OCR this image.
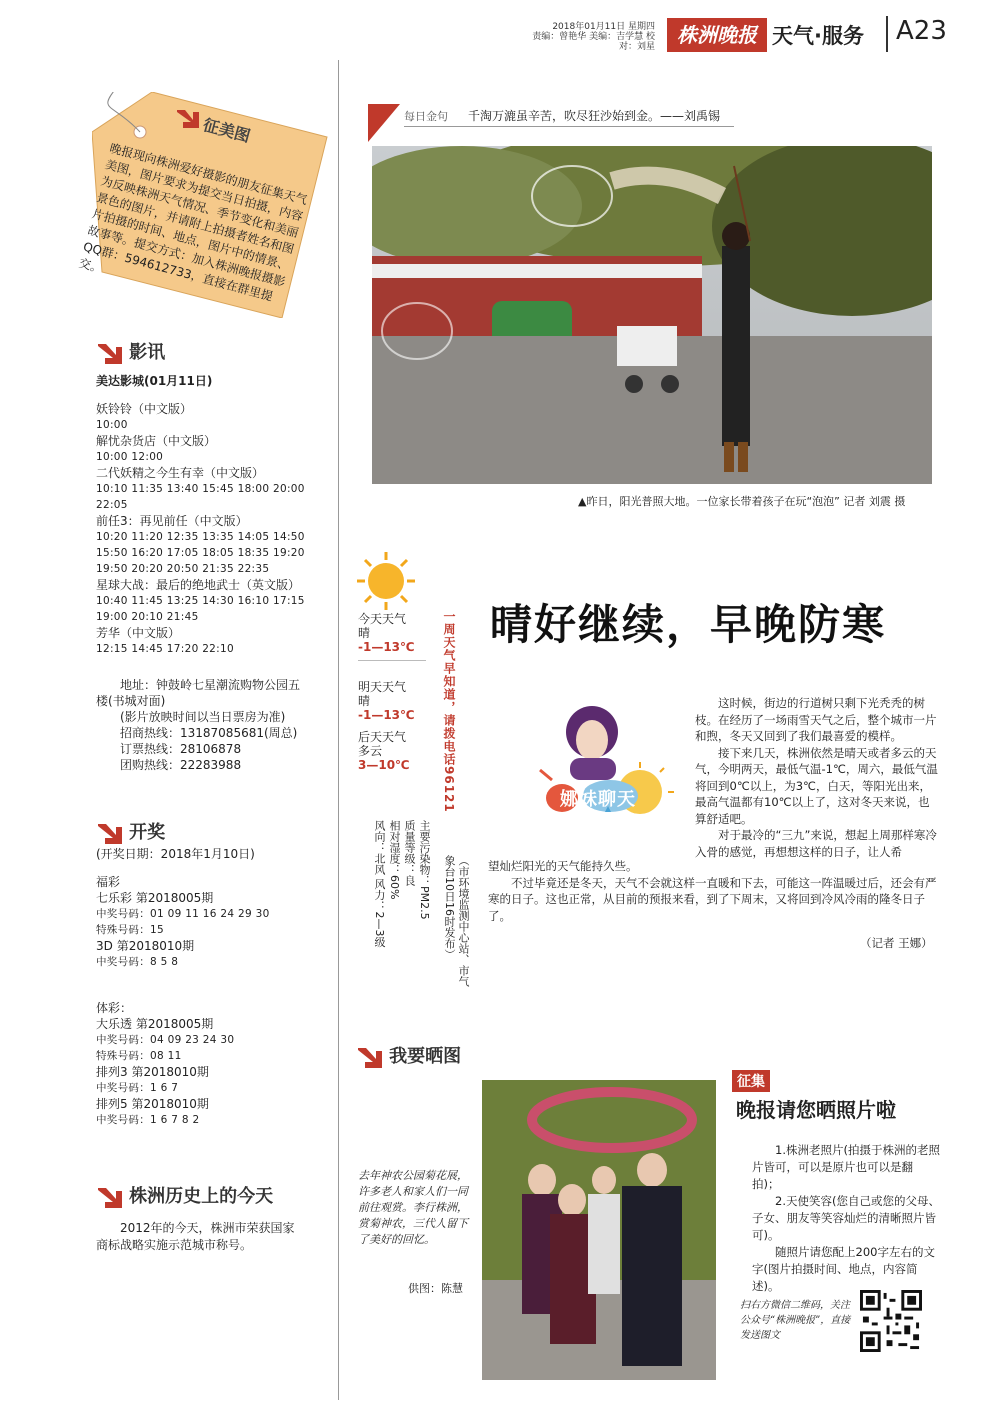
2018年01月11日 星期四
责编：曾艳华 美编：吉学慧 校对：刘星	株洲晚报 天气·服务 A23
征美图
晚报现向株洲爱好摄影的朋友征集天气美图，图片要求为提交当日拍摄，内容为反映株洲天气情况、季节变化和美丽景色的图片，并请附上拍摄者姓名和图片拍摄的时间、地点，图片中的情景、故事等。提交方式：加入株洲晚报摄影QQ群：594612733，直接在群里提交。
影讯
美达影城(01月11日)
妖铃铃（中文版）
10:00
解忧杂货店（中文版）
10:00 12:00
二代妖精之今生有幸（中文版）
10:10 11:35 13:40 15:45 18:00 20:00 22:05
前任3：再见前任（中文版）
10:20 11:20 12:35 13:35 14:05 14:50 15:50 16:20 17:05 18:05 18:35 19:20 19:50 20:20 20:50 21:35 22:35
星球大战：最后的绝地武士（英文版）
10:40 11:45 13:25 14:30 16:10 17:15 19:00 20:10 21:45
芳华（中文版）
12:15 14:45 17:20 22:10
地址：钟鼓岭七星潮流购物公园五楼(书城对面)
(影片放映时间以当日票房为准)
招商热线：13187085681(周总)
订票热线：28106878
团购热线：22283988
开奖
(开奖日期：2018年1月10日)
福彩
七乐彩 第2018005期
中奖号码：01 09 11 16 24 29 30
特殊号码：15
3D 第2018010期
中奖号码：8 5 8
体彩：
大乐透 第2018005期
中奖号码：04 09 23 24 30
特殊号码：08 11
排列3 第2018010期
中奖号码：1 6 7
排列5 第2018010期
中奖号码：1 6 7 8 2
株洲历史上的今天
2012年的今天，株洲市荣获国家商标战略实施示范城市称号。
每日金句 千淘万漉虽辛苦，吹尽狂沙始到金。——刘禹锡
▲昨日，阳光普照大地。一位家长带着孩子在玩“泡泡” 记者 刘震 摄
今天天气
晴
-1—13℃
明天天气
晴
-1—13℃
后天天气
多云
3—10℃	一周天气早知道，请拨电话96121
（市环境监测中心站、市气象台10日16时发布）
主要污染物：PM2.5
质量等级：良
相对湿度：60%
风向：北风 风力：2—3级
晴好继续，早晚防寒
娜妹聊天

这时候，街边的行道树只剩下光秃秃的树枝。在经历了一场雨雪天气之后，整个城市一片和煦，冬天又回到了我们最喜爱的模样。

接下来几天，株洲依然是晴天或者多云的天气，今明两天，最低气温-1℃，周六，最低气温将回到0℃以上，为3℃，白天，等阳光出来，最高气温都有10℃以上了，这对冬天来说，也算舒适吧。

对于最冷的“三九”来说，想起上周那样寒冷入骨的感觉，再想想这样的日子，让人希

望灿烂阳光的天气能持久些。

不过毕竟还是冬天，天气不会就这样一直暖和下去，可能这一阵温暖过后，还会有严寒的日子。这也正常，从目前的预报来看，到了下周末，又将回到冷风冷雨的隆冬日子了。

（记者 王娜）
我要晒图
去年神农公园菊花展，许多老人和家人们一同前往观赏。李行株洲，赏菊神农，三代人留下了美好的回忆。
供图：陈慧
征集
晚报请您晒照片啦

1.株洲老照片(拍摄于株洲的老照片皆可，可以是原片也可以是翻拍)；

2.天使笑容(您自己或您的父母、子女、朋友等笑容灿烂的清晰照片皆可)。

随照片请您配上200字左右的文字(图片拍摄时间、地点，内容简述)。

扫右方微信二维码，关注公众号“株洲晚报”，直接发送图文
